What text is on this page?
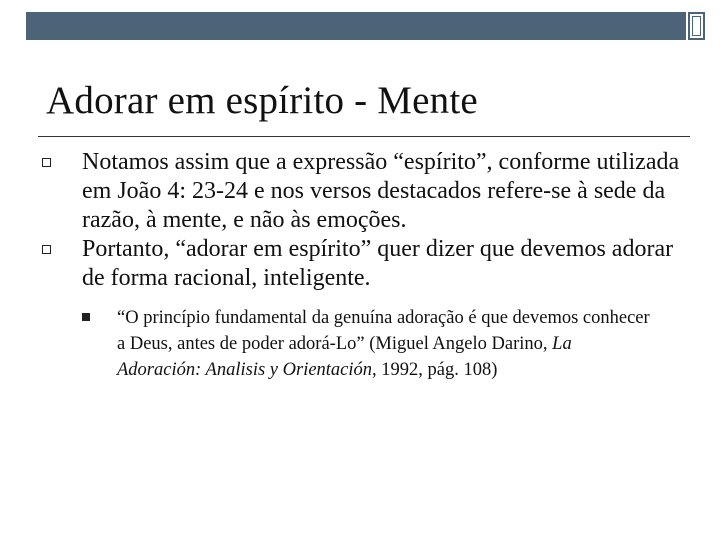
Adorar em espírito - Mente
Notamos assim que a expressão “espírito”, conforme utilizada em João 4: 23-24 e nos versos destacados refere-se à sede da razão, à mente, e não às emoções.
Portanto, “adorar em espírito” quer dizer que devemos adorar de forma racional, inteligente.
“O princípio fundamental da genuína adoração é que devemos conhecer a Deus, antes de poder adorá-Lo” (Miguel Angelo Darino, La Adoración: Analisis y Orientación, 1992, pág. 108)
